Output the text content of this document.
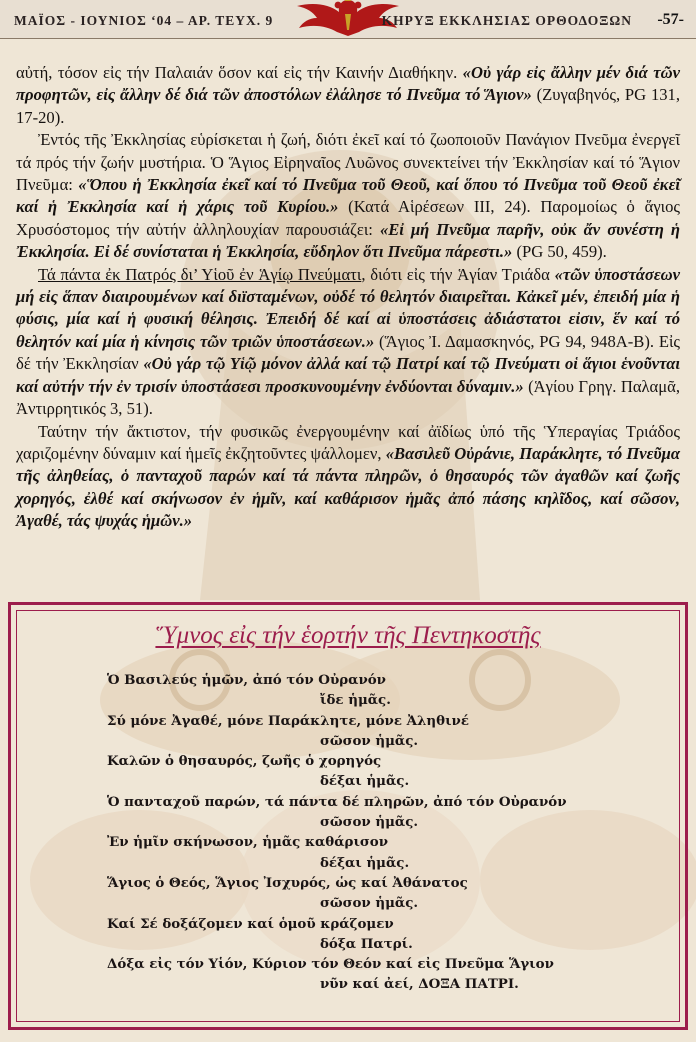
ΜΑΪΟΣ - ΙΟΥΝΙΟΣ ‘04 – ΑΡ. ΤΕΥΧ. 9	ΚΗΡΥΞ ΕΚΚΛΗΣΙΑΣ ΟΡΘΟΔΟΞΩΝ -57-

αὐτή, τόσον εἰς τήν Παλαιάν ὅσον καί εἰς τήν Καινήν Διαθήκην. «Οὐ γάρ εἰς ἄλλην μέν διά τῶν προφητῶν, εἰς ἄλλην δέ διά τῶν ἀποστόλων ἐλάλησε τό Πνεῦμα τό Ἅγιον» (Ζυγαβηνός, PG 131, 17-20).

Ἐντός τῆς Ἐκκλησίας εὑρίσκεται ἡ ζωή, διότι ἐκεῖ καί τό ζωοποιοῦν Πανάγιον Πνεῦμα ἐνεργεῖ τά πρός τήν ζωήν μυστήρια. Ὁ Ἅγιος Εἰρηναῖος Λυῶνος συνεκτείνει τήν Ἐκκλησίαν καί τό Ἅγιον Πνεῦμα: «Ὅπου ἡ Ἐκκλησία ἐκεῖ καί τό Πνεῦμα τοῦ Θεοῦ, καί ὅπου τό Πνεῦμα τοῦ Θεοῦ ἐκεῖ καί ἡ Ἐκκλησία καί ἡ χάρις τοῦ Κυρίου.» (Κατά Αἱρέσεων ΙΙΙ, 24). Παρομοίως ὁ ἅγιος Χρυσόστομος τήν αὐτήν ἀλληλουχίαν παρουσιάζει: «Εἰ μή Πνεῦμα παρῆν, οὐκ ἄν συνέστη ἡ Ἐκκλησία. Εἰ δέ συνίσταται ἡ Ἐκκλησία, εὔδηλον ὅτι Πνεῦμα πάρεστι.» (PG 50, 459).

Τά πάντα ἐκ Πατρός δι’ Υἱοῦ ἐν Ἁγίῳ Πνεύματι, διότι εἰς τήν Ἁγίαν Τριάδα «τῶν ὑποστάσεων μή εἰς ἅπαν διαιρουμένων καί διϊσταμένων, οὐδέ τό θελητόν διαιρεῖται. Κἀκεῖ μέν, ἐπειδή μία ἡ φύσις, μία καί ἡ φυσική θέλησις. Ἐπειδή δέ καί αἱ ὑποστάσεις ἀδιάστατοι εἰσιν, ἕν καί τό θελητόν καί μία ἡ κίνησις τῶν τριῶν ὑποστάσεων.» (Ἅγιος Ἰ. Δαμασκηνός, PG 94, 948A-B). Εἰς δέ τήν Ἐκκλησίαν «Οὐ γάρ τῷ Υἱῷ μόνον ἀλλά καί τῷ Πατρί καί τῷ Πνεύματι οἱ ἅγιοι ἑνοῦνται καί αὐτήν τήν ἐν τρισίν ὑποστάσεσι προσκυνουμένην ἐνδύονται δύναμιν.» (Ἁγίου Γρηγ. Παλαμᾶ, Ἀντιρρητικός 3, 51).

Ταύτην τήν ἄκτιστον, τήν φυσικῶς ἐνεργουμένην καί ἀϊδίως ὑπό τῆς Ὑπεραγίας Τριάδος χαριζομένην δύναμιν καί ἡμεῖς ἐκζητοῦντες ψάλλομεν, «Βασιλεῦ Οὐράνιε, Παράκλητε, τό Πνεῦμα τῆς ἀληθείας, ὁ πανταχοῦ παρών καί τά πάντα πληρῶν, ὁ θησαυρός τῶν ἀγαθῶν καί ζωῆς χορηγός, ἐλθέ καί σκήνωσον ἐν ἡμῖν, καί καθάρισον ἡμᾶς ἀπό πάσης κηλῖδος, καί σῶσον, Ἀγαθέ, τάς ψυχάς ἡμῶν.»

Ὕμνος εἰς τήν ἑορτήν τῆς Πεντηκοστῆς
Ὁ Βασιλεύς ἡμῶν, ἀπό τόν Οὐρανόν
ἴδε ἡμᾶς.
Σύ μόνε Ἀγαθέ, μόνε Παράκλητε, μόνε Ἀληθινέ
σῶσον ἡμᾶς.
Καλῶν ὁ θησαυρός, ζωῆς ὁ χορηγός
δέξαι ἡμᾶς.
Ὁ πανταχοῦ παρών, τά πάντα δέ πληρῶν, ἀπό τόν Οὐρανόν
σῶσον ἡμᾶς.
Ἐν ἡμῖν σκήνωσον, ἡμᾶς καθάρισον
δέξαι ἡμᾶς.
Ἅγιος ὁ Θεός, Ἅγιος Ἰσχυρός, ὡς καί Ἀθάνατος
σῶσον ἡμᾶς.
Καί Σέ δοξάζομεν καί ὁμοῦ κράζομεν
δόξα Πατρί.
Δόξα εἰς τόν Υἱόν, Κύριον τόν Θεόν καί εἰς Πνεῦμα Ἅγιον
νῦν καί ἀεί, ΔΟΞΑ ΠΑΤΡΙ.
